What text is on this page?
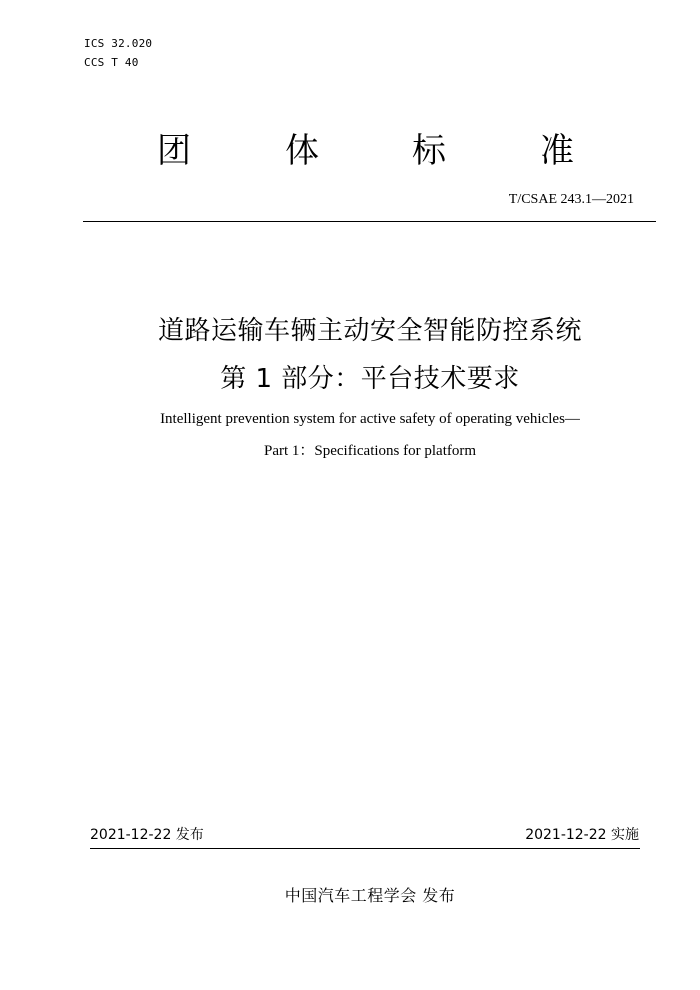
ICS 32.020
CCS T 40
团	体	标	准
T/CSAE 243.1—2021
道路运输车辆主动安全智能防控系统
第 1 部分：平台技术要求
Intelligent prevention system for active safety of operating vehicles—
Part 1：Specifications for platform
2021-12-22 发布	2021-12-22 实施
中国汽车工程学会 发布
